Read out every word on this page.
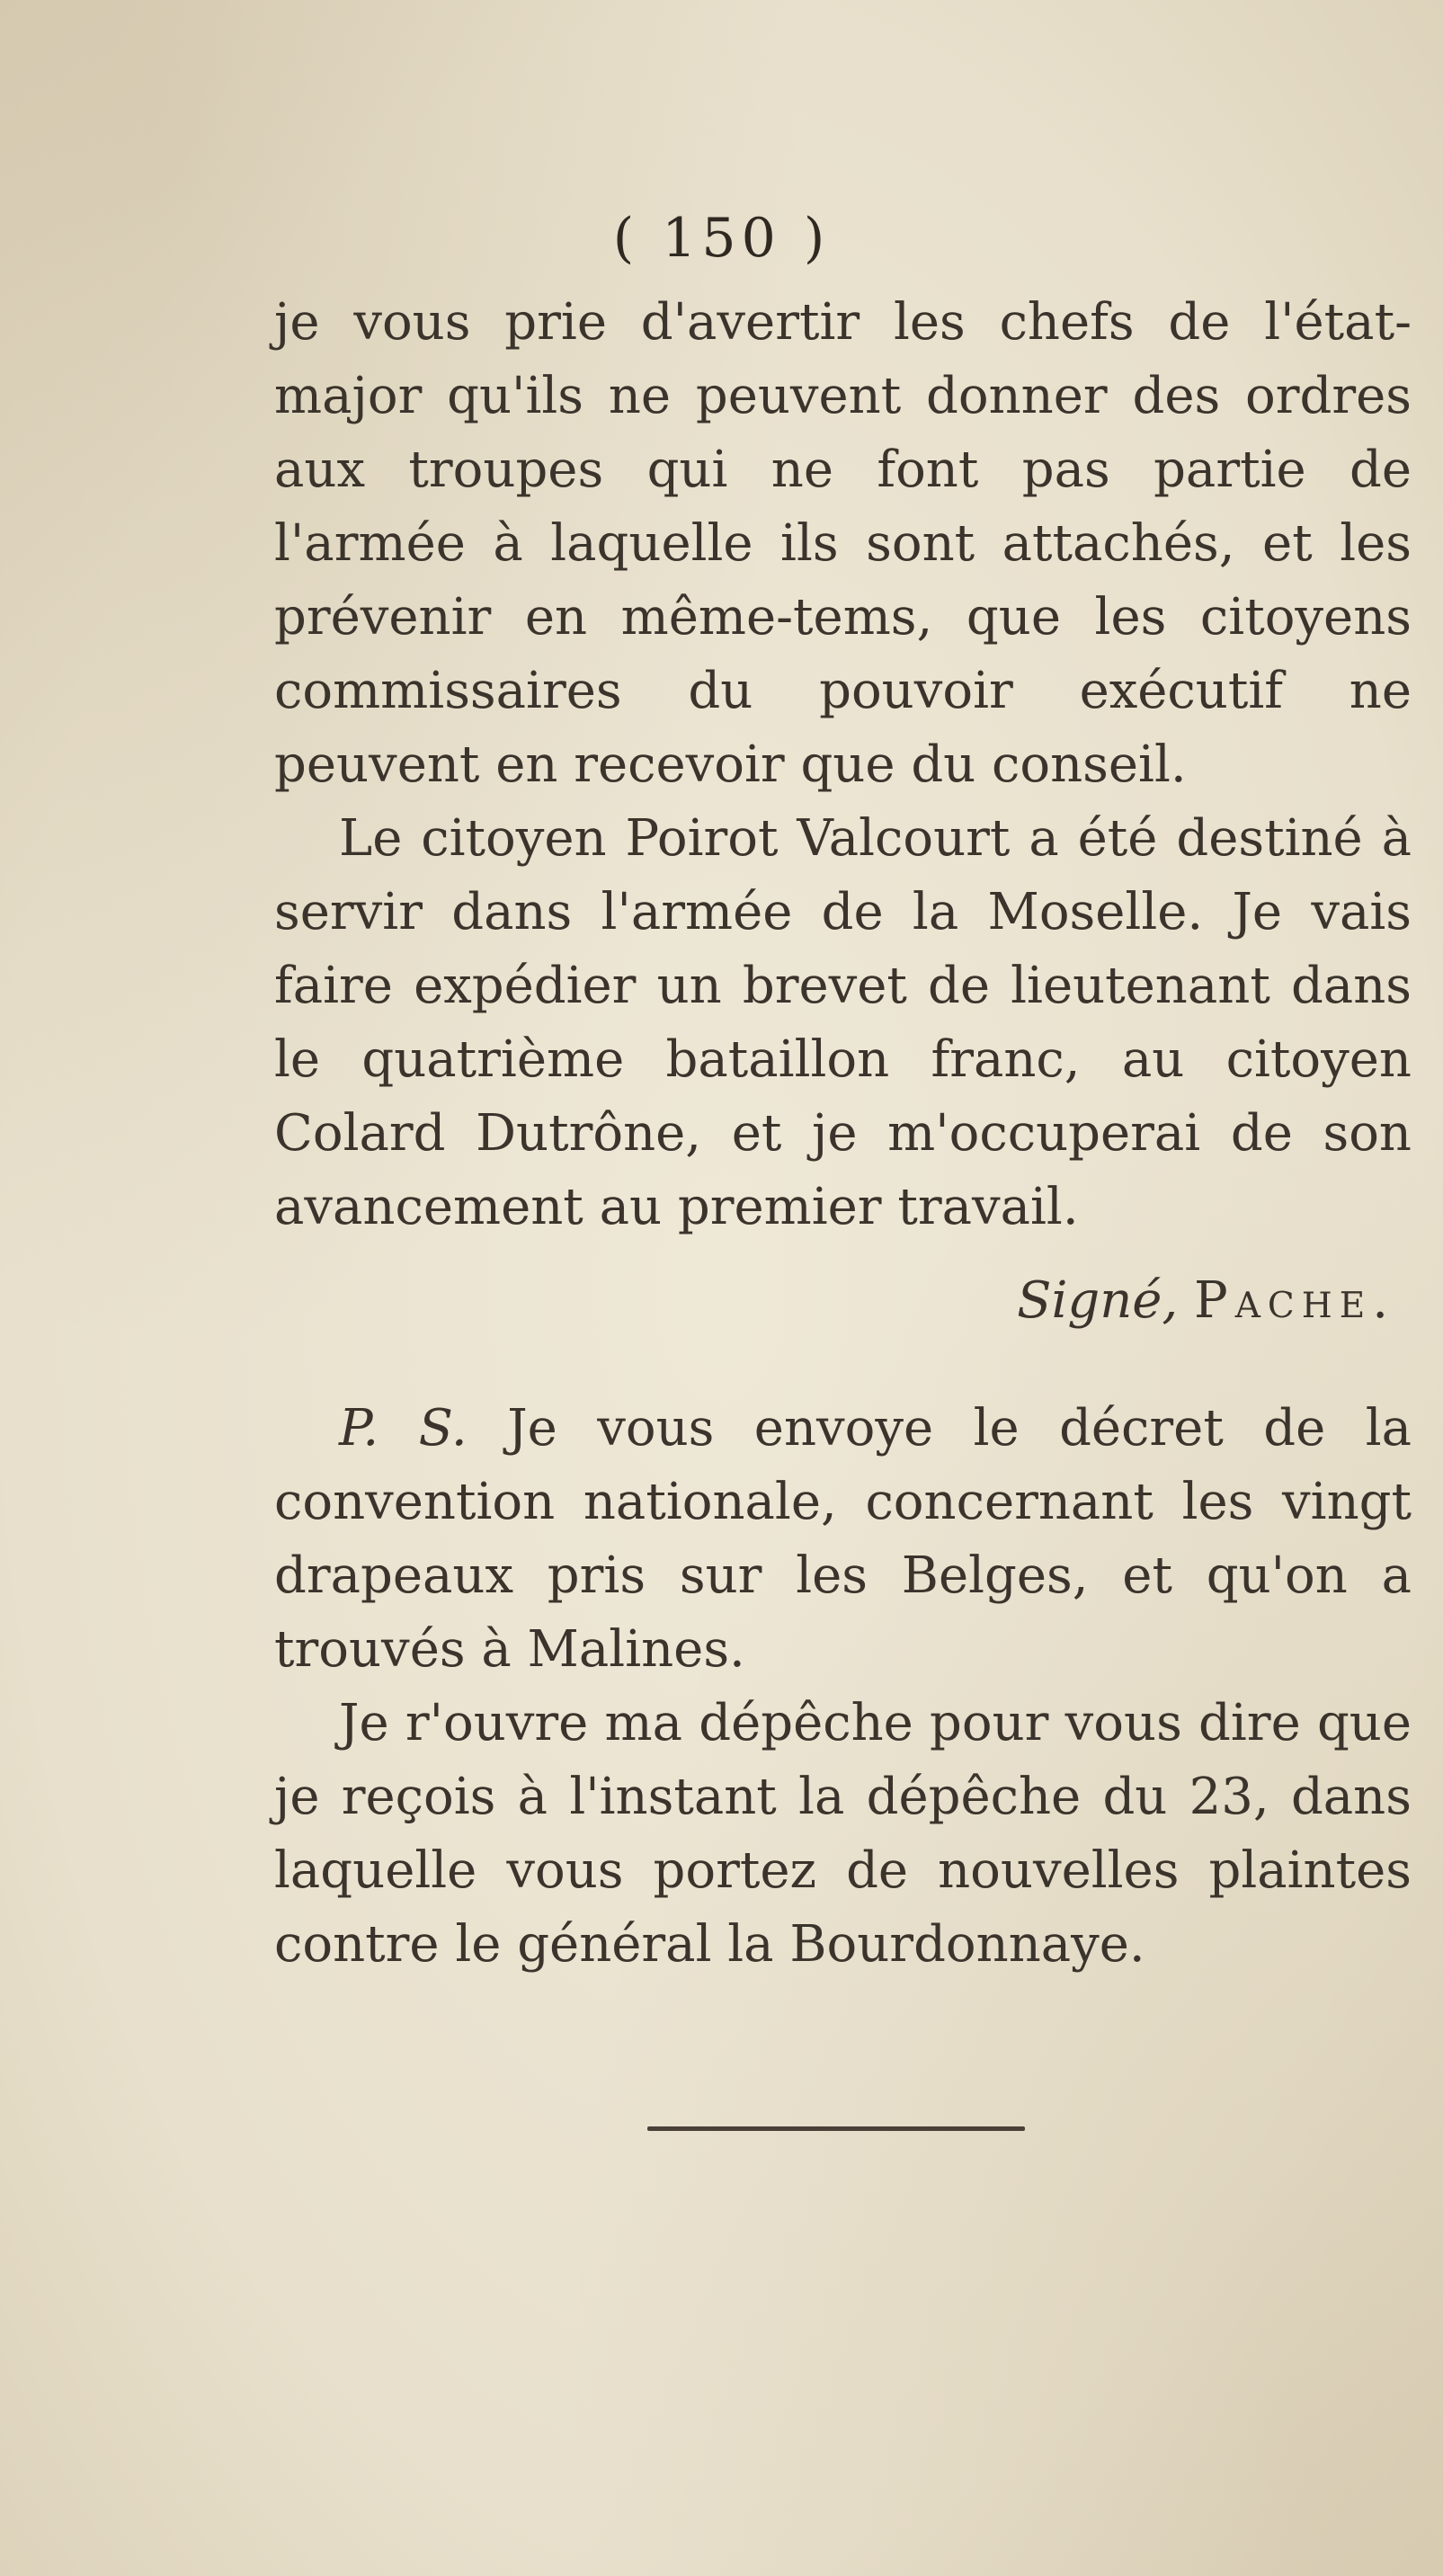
( 150 )

je vous prie d'avertir les chefs de l'état-major qu'ils ne peuvent donner des ordres aux troupes qui ne font pas partie de l'armée à laquelle ils sont attachés, et les prévenir en même-tems, que les citoyens commissaires du pouvoir exécutif ne peuvent en recevoir que du conseil.

Le citoyen Poirot Valcourt a été destiné à servir dans l'armée de la Moselle. Je vais faire expédier un brevet de lieutenant dans le quatrième bataillon franc, au citoyen Colard Dutrône, et je m'occuperai de son avancement au premier travail.

Signé, Pache.

P. S. Je vous envoye le décret de la convention nationale, concernant les vingt drapeaux pris sur les Belges, et qu'on a trouvés à Malines.

Je r'ouvre ma dépêche pour vous dire que je reçois à l'instant la dépêche du 23, dans laquelle vous portez de nouvelles plaintes contre le général la Bourdonnaye.
